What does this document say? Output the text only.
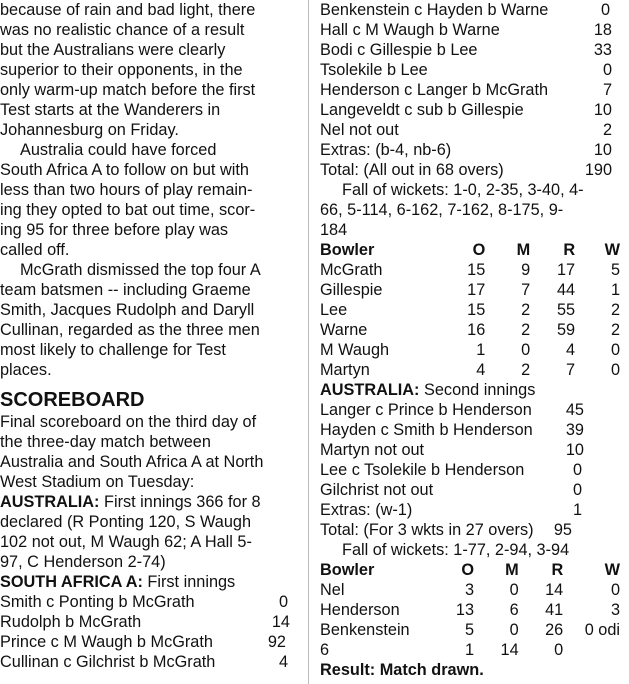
because of rain and bad light, there
was no realistic chance of a result
but the Australians were clearly
superior to their opponents, in the
only warm-up match before the first
Test starts at the Wanderers in
Johannesburg on Friday.
Australia could have forced
South Africa A to follow on but with
less than two hours of play remain-
ing they opted to bat out time, scor-
ing 95 for three before play was
called off.
McGrath dismissed the top four A
team batsmen -- including Graeme
Smith, Jacques Rudolph and Daryll
Cullinan, regarded as the three men
most likely to challenge for Test
places.
SCOREBOARD
Final scoreboard on the third day of
the three-day match between
Australia and South Africa A at North
West Stadium on Tuesday:
AUSTRALIA: First innings 366 for 8
declared (R Ponting 120, S Waugh
102 not out, M Waugh 62; A Hall 5-
97, C Henderson 2-74)
SOUTH AFRICA A: First innings
Smith c Ponting b McGrath	0
Rudolph b McGrath	14
Prince c M Waugh b McGrath	92
Cullinan c Gilchrist b McGrath	4
Benkenstein c Hayden b Warne	0
Hall c M Waugh b Warne	18
Bodi c Gillespie b Lee	33
Tsolekile b Lee	0
Henderson c Langer b McGrath	7
Langeveldt c sub b Gillespie	10
Nel not out	2
Extras: (b-4, nb-6)	10
Total: (All out in 68 overs)	190
Fall of wickets: 1-0, 2-35, 3-40, 4-
66, 5-114, 6-162, 7-162, 8-175, 9-
184
Bowler	O	M	R	W
McGrath	15	9	17	5
Gillespie	17	7	44	1
Lee	15	2	55	2
Warne	16	2	59	2
M Waugh	1	0	4	0
Martyn	4	2	7	0
AUSTRALIA: Second innings
Langer c Prince b Henderson 45
Hayden c Smith b Henderson 39
Martyn not out	10
Lee c Tsolekile b Henderson	0
Gilchrist not out	0
Extras: (w-1)	1
Total: (For 3 wkts in 27 overs) 95
Fall of wickets: 1-77, 2-94, 3-94
Bowler	O	M	R	W
Nel	3	0	14	0
Henderson	13	6	41	3
Benkenstein	5	0	26	0 odi
6	1	14	0	
Result: Match drawn.
